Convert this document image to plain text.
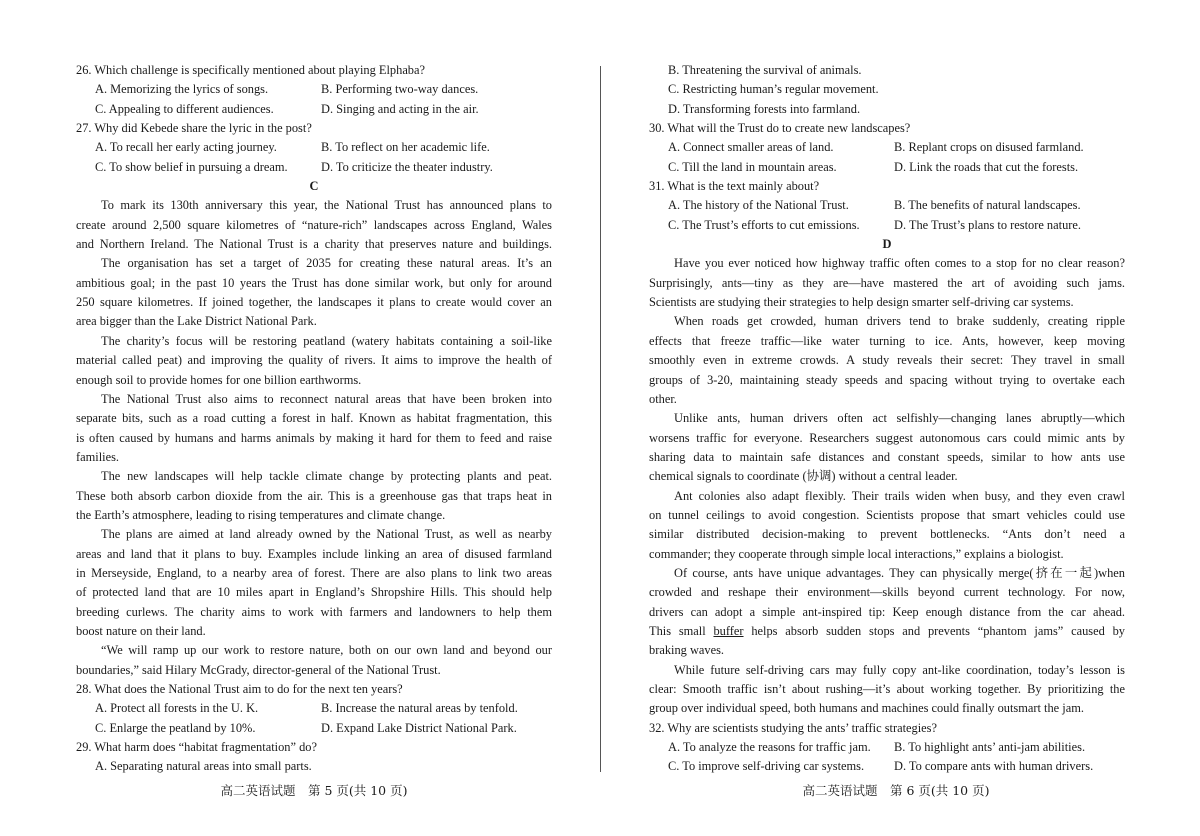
26. Which challenge is specifically mentioned about playing Elphaba?
A. Memorizing the lyrics of songs.	B. Performing two-way dances.
C. Appealing to different audiences.	D. Singing and acting in the air.
27. Why did Kebede share the lyric in the post?
A. To recall her early acting journey.	B. To reflect on her academic life.
C. To show belief in pursuing a dream.	D. To criticize the theater industry.
C
To mark its 130th anniversary this year, the National Trust has announced plans to
create around 2,500 square kilometres of “nature-rich” landscapes across England, Wales
and Northern Ireland. The National Trust is a charity that preserves nature and buildings.
The organisation has set a target of 2035 for creating these natural areas. It’s an
ambitious goal; in the past 10 years the Trust has done similar work, but only for around
250 square kilometres. If joined together, the landscapes it plans to create would cover an
area bigger than the Lake District National Park.
The charity’s focus will be restoring peatland (watery habitats containing a soil-like
material called peat) and improving the quality of rivers. It aims to improve the health of
enough soil to provide homes for one billion earthworms.
The National Trust also aims to reconnect natural areas that have been broken into
separate bits, such as a road cutting a forest in half. Known as habitat fragmentation, this
is often caused by humans and harms animals by making it hard for them to feed and raise
families.
The new landscapes will help tackle climate change by protecting plants and peat.
These both absorb carbon dioxide from the air. This is a greenhouse gas that traps heat in
the Earth’s atmosphere, leading to rising temperatures and climate change.
The plans are aimed at land already owned by the National Trust, as well as nearby
areas and land that it plans to buy. Examples include linking an area of disused farmland
in Merseyside, England, to a nearby area of forest. There are also plans to link two areas
of protected land that are 10 miles apart in England’s Shropshire Hills. This should help
breeding curlews. The charity aims to work with farmers and landowners to help them
boost nature on their land.
“We will ramp up our work to restore nature, both on our own land and beyond our
boundaries,” said Hilary McGrady, director-general of the National Trust.
28. What does the National Trust aim to do for the next ten years?
A. Protect all forests in the U. K.	B. Increase the natural areas by tenfold.
C. Enlarge the peatland by 10%.	D. Expand Lake District National Park.
29. What harm does “habitat fragmentation” do?
A. Separating natural areas into small parts.
B. Threatening the survival of animals.
C. Restricting human’s regular movement.
D. Transforming forests into farmland.
30. What will the Trust do to create new landscapes?
A. Connect smaller areas of land.	B. Replant crops on disused farmland.
C. Till the land in mountain areas.	D. Link the roads that cut the forests.
31. What is the text mainly about?
A. The history of the National Trust.	B. The benefits of natural landscapes.
C. The Trust’s efforts to cut emissions.	D. The Trust’s plans to restore nature.
D
Have you ever noticed how highway traffic often comes to a stop for no clear reason?
Surprisingly, ants—tiny as they are—have mastered the art of avoiding such jams.
Scientists are studying their strategies to help design smarter self-driving car systems.
When roads get crowded, human drivers tend to brake suddenly, creating ripple
effects that freeze traffic—like water turning to ice. Ants, however, keep moving
smoothly even in extreme crowds. A study reveals their secret: They travel in small
groups of 3-20, maintaining steady speeds and spacing without trying to overtake each
other.
Unlike ants, human drivers often act selfishly—changing lanes abruptly—which
worsens traffic for everyone. Researchers suggest autonomous cars could mimic ants by
sharing data to maintain safe distances and constant speeds, similar to how ants use
chemical signals to coordinate (协调) without a central leader.
Ant colonies also adapt flexibly. Their trails widen when busy, and they even crawl
on tunnel ceilings to avoid congestion. Scientists propose that smart vehicles could use
similar distributed decision-making to prevent bottlenecks. “Ants don’t need a
commander; they cooperate through simple local interactions,” explains a biologist.
Of course, ants have unique advantages. They can physically merge(挤在一起)when
crowded and reshape their environment—skills beyond current technology. For now,
drivers can adopt a simple ant-inspired tip: Keep enough distance from the car ahead.
This small buffer helps absorb sudden stops and prevents “phantom jams” caused by
braking waves.
While future self-driving cars may fully copy ant-like coordination, today’s lesson is
clear: Smooth traffic isn’t about rushing—it’s about working together. By prioritizing the
group over individual speed, both humans and machines could finally outsmart the jam.
32. Why are scientists studying the ants’ traffic strategies?
A. To analyze the reasons for traffic jam.	B. To highlight ants’ anti-jam abilities.
C. To improve self-driving car systems.	D. To compare ants with human drivers.
高二英语试题　第 5 页(共 10 页)	高二英语试题　第 6 页(共 10 页)
